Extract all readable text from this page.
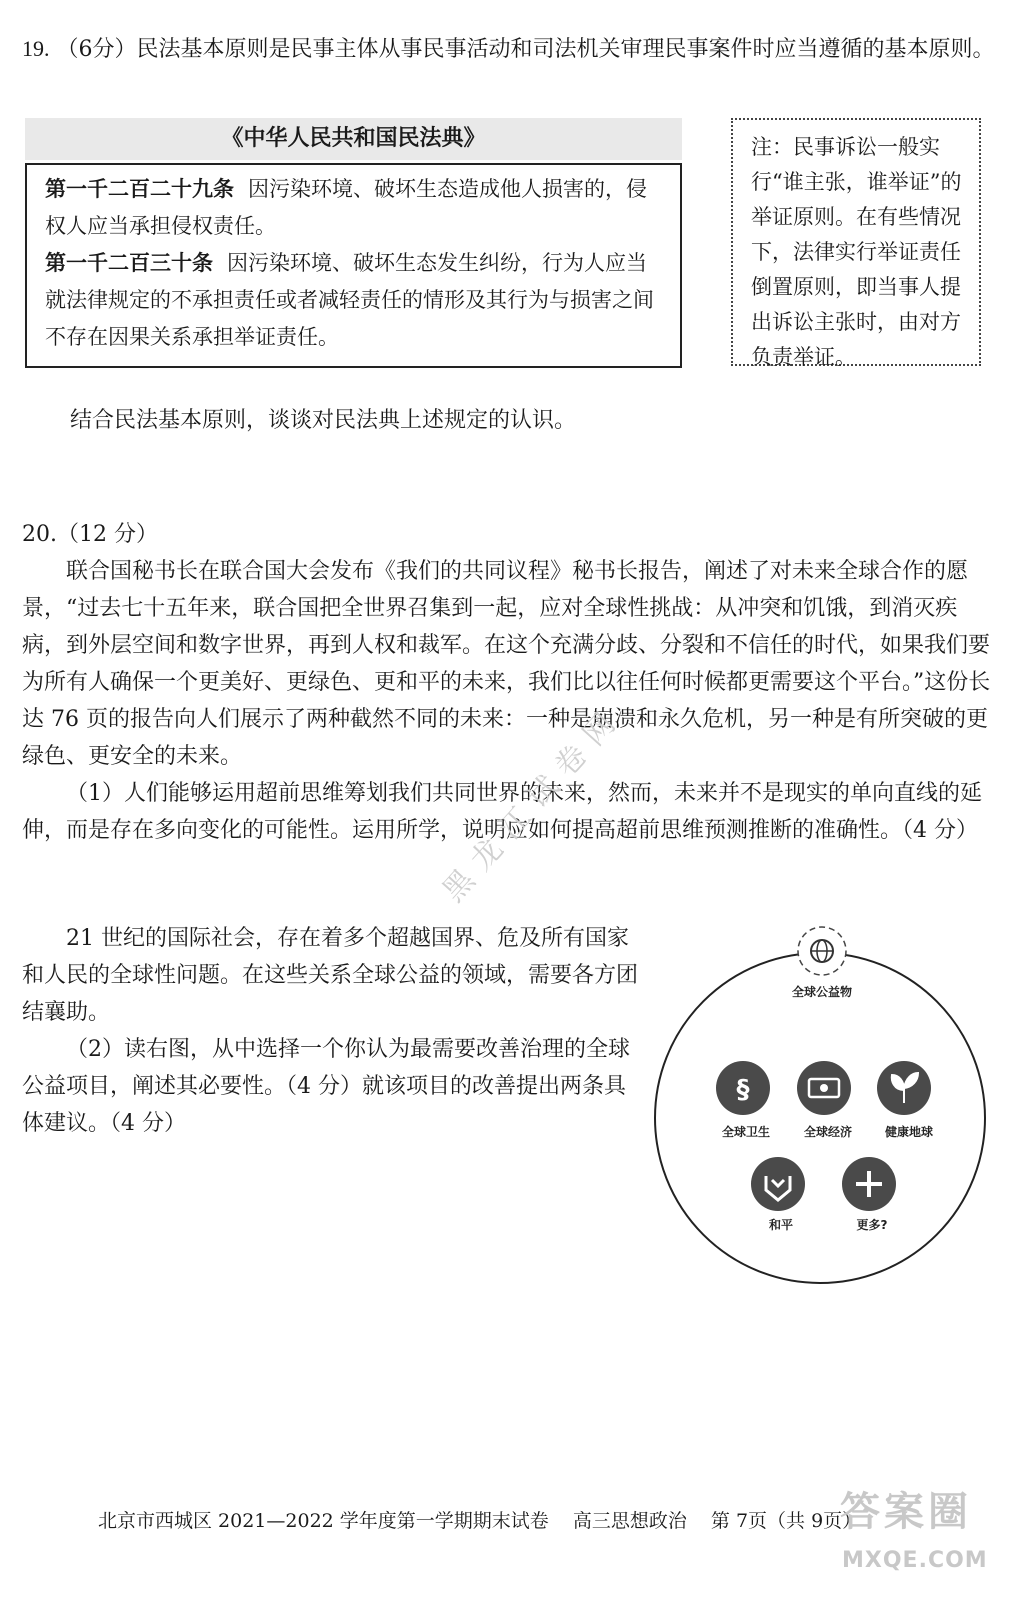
19. （6分）民法基本原则是民事主体从事民事活动和司法机关审理民事案件时应当遵循的基本原则。

《中华人民共和国民法典》

第一千二百二十九条 因污染环境、破坏生态造成他人损害的，侵权人应当承担侵权责任。

第一千二百三十条 因污染环境、破坏生态发生纠纷，行为人应当就法律规定的不承担责任或者减轻责任的情形及其行为与损害之间不存在因果关系承担举证责任。

注：民事诉讼一般实行“谁主张，谁举证”的举证原则。在有些情况下，法律实行举证责任倒置原则，即当事人提出诉讼主张时，由对方负责举证。

结合民法基本原则，谈谈对民法典上述规定的认识。

20.（12 分）

联合国秘书长在联合国大会发布《我们的共同议程》秘书长报告，阐述了对未来全球合作的愿景，“过去七十五年来，联合国把全世界召集到一起，应对全球性挑战：从冲突和饥饿，到消灭疾病，到外层空间和数字世界，再到人权和裁军。在这个充满分歧、分裂和不信任的时代，如果我们要为所有人确保一个更美好、更绿色、更和平的未来，我们比以往任何时候都更需要这个平台。”这份长达 76 页的报告向人们展示了两种截然不同的未来：一种是崩溃和永久危机，另一种是有所突破的更绿色、更安全的未来。

（1）人们能够运用超前思维筹划我们共同世界的未来，然而，未来并不是现实的单向直线的延伸，而是存在多向变化的可能性。运用所学，说明应如何提高超前思维预测推断的准确性。（4 分）

21 世纪的国际社会，存在着多个超越国界、危及所有国家和人民的全球性问题。在这些关系全球公益的领域，需要各方团结襄助。

（2）读右图，从中选择一个你认为最需要改善治理的全球公益项目，阐述其必要性。（4 分）就该项目的改善提出两条具体建议。（4 分）

全球公益物
§
全球卫生	全球经济	健康地球
和平	更多?
黑龙江试卷网
北京市西城区 2021—2022 学年度第一学期期末试卷 高三思想政治 第 7页（共 9页）
答案圈
MXQE.COM
